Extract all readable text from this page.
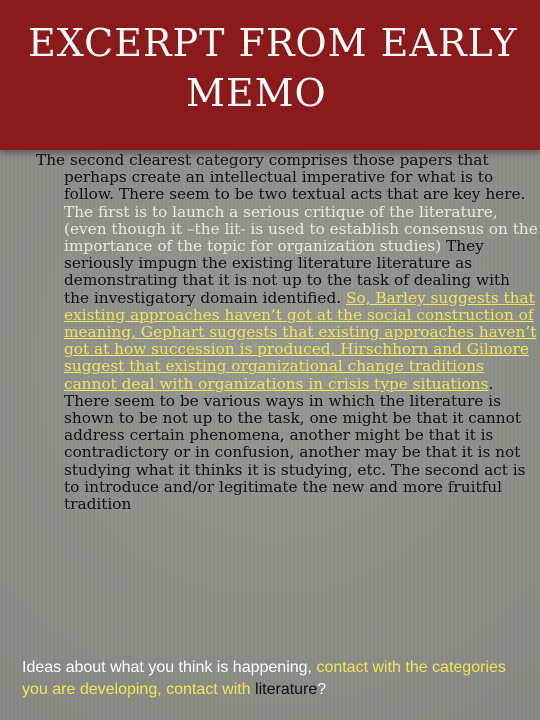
EXCERPT FROM EARLY
MEMO

The second clearest category comprises those papers that perhaps create an intellectual imperative for what is to follow. There seem to be two textual acts that are key here. The first is to launch a serious critique of the literature, (even though it –the lit- is used to establish consensus on the importance of the topic for organization studies) They seriously impugn the existing literature literature as demonstrating that it is not up to the task of dealing with the investigatory domain identified. So, Barley suggests that existing approaches haven’t got at the social construction of meaning, Gephart suggests that existing approaches haven’t got at how succession is produced, Hirschhorn and Gilmore suggest that existing organizational change traditions cannot deal with organizations in crisis type situations. There seem to be various ways in which the literature is shown to be not up to the task, one might be that it cannot address certain phenomena, another might be that it is contradictory or in confusion, another may be that it is not studying what it thinks it is studying, etc. The second act is to introduce and/or legitimate the new and more fruitful tradition

Ideas about what you think is happening, contact with the categories you are developing, contact with literature?
